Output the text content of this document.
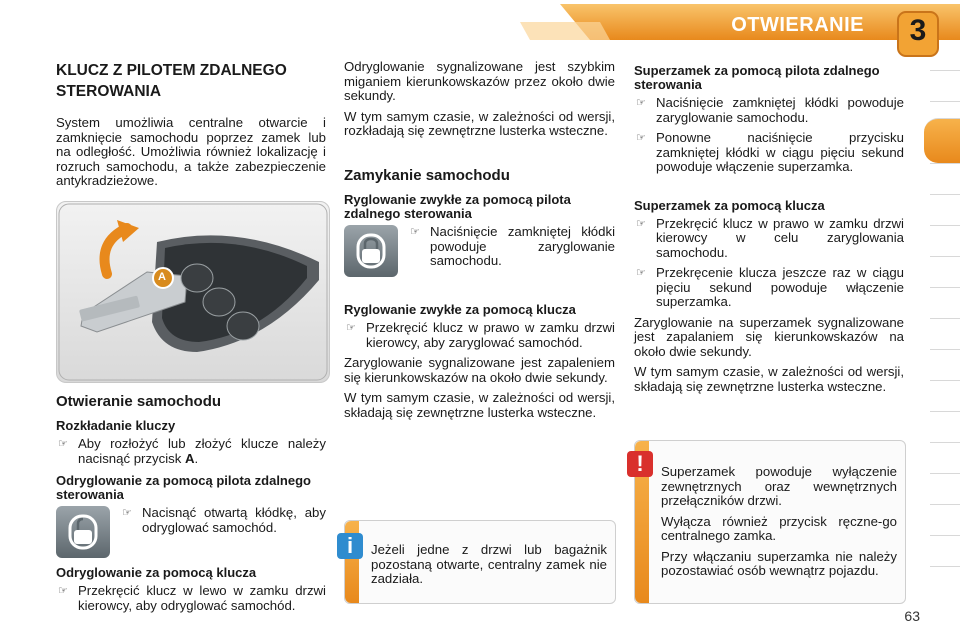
OTWIERANIE	3
KLUCZ Z PILOTEM ZDALNEGO STEROWANIA

System umożliwia centralne otwarcie i zamknięcie samochodu poprzez zamek lub na odległość. Umożliwia również lokalizację i rozruch samochodu, a także zabezpieczenie antykradzieżowe.

A
Otwieranie samochodu
Rozkładanie kluczy
☞ Aby rozłożyć lub złożyć klucze należy nacisnąć przycisk A.
Odryglowanie za pomocą pilota zdalnego sterowania
☞ Nacisnąć otwartą kłódkę, aby odryglować samochód.
Odryglowanie za pomocą klucza
☞ Przekręcić klucz w lewo w zamku drzwi kierowcy, aby odryglować samochód.

Odryglowanie sygnalizowane jest szybkim miganiem kierunkowskazów przez około dwie sekundy.

W tym samym czasie, w zależności od wersji, rozkładają się zewnętrzne lusterka wsteczne.

Zamykanie samochodu
Ryglowanie zwykłe za pomocą pilota zdalnego sterowania
☞ Naciśnięcie zamkniętej kłódki powoduje zaryglowanie samochodu.
Ryglowanie zwykłe za pomocą klucza
☞ Przekręcić klucz w prawo w zamku drzwi kierowcy, aby zaryglować samochód.

Zaryglowanie sygnalizowane jest zapaleniem się kierunkowskazów na około dwie sekundy.

W tym samym czasie, w zależności od wersji, składają się zewnętrzne lusterka wsteczne.

i	Jeżeli jedne z drzwi lub bagażnik pozostaną otwarte, centralny zamek nie zadziała.
Superzamek za pomocą pilota zdalnego sterowania
☞ Naciśnięcie zamkniętej kłódki powoduje zaryglowanie samochodu.
☞ Ponowne naciśnięcie przycisku zamkniętej kłódki w ciągu pięciu sekund powoduje włączenie superzamka.
Superzamek za pomocą klucza
☞ Przekręcić klucz w prawo w zamku drzwi kierowcy w celu zaryglowania samochodu.
☞ Przekręcenie klucza jeszcze raz w ciągu pięciu sekund powoduje włączenie superzamka.

Zaryglowanie na superzamek sygnalizowane jest zapalaniem się kierunkowskazów na około dwie sekundy.

W tym samym czasie, w zależności od wersji, składają się zewnętrzne lusterka wsteczne.

!	Superzamek powoduje wyłączenie zewnętrznych oraz wewnętrznych przełączników drzwi.

Wyłącza również przycisk ręczne-go centralnego zamka.

Przy włączaniu superzamka nie należy pozostawiać osób wewnątrz pojazdu.

63
